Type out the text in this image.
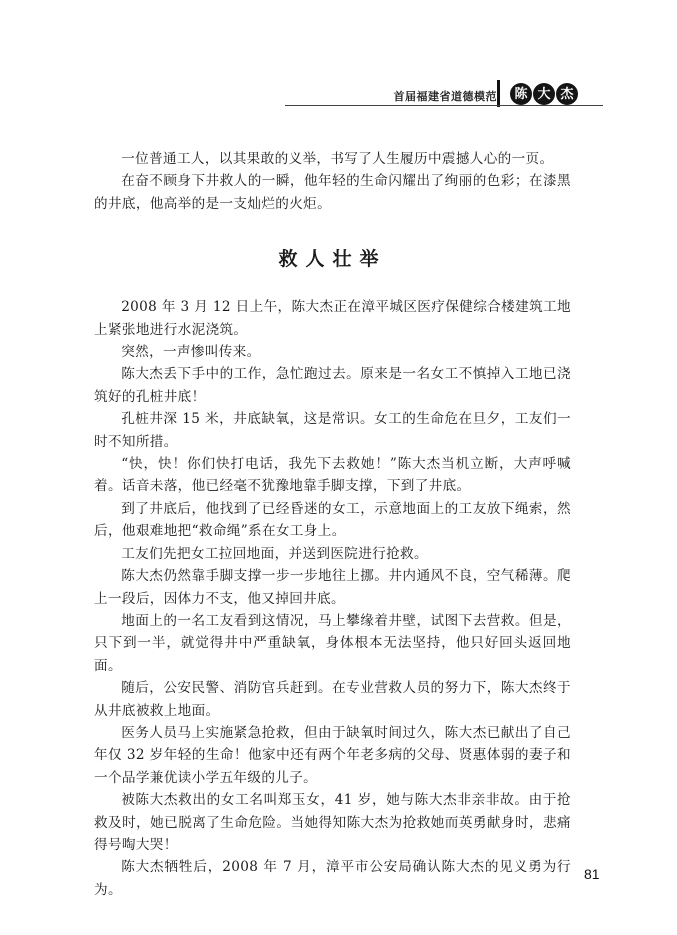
首届福建省道德模范	陈 大 杰

一位普通工人，以其果敢的义举，书写了人生履历中震撼人心的一页。

在奋不顾身下井救人的一瞬，他年轻的生命闪耀出了绚丽的色彩；在漆黑的井底，他高举的是一支灿烂的火炬。

救人壮举

2008 年 3 月 12 日上午，陈大杰正在漳平城区医疗保健综合楼建筑工地上紧张地进行水泥浇筑。

突然，一声惨叫传来。

陈大杰丢下手中的工作，急忙跑过去。原来是一名女工不慎掉入工地已浇筑好的孔桩井底！

孔桩井深 15 米，井底缺氧，这是常识。女工的生命危在旦夕，工友们一时不知所措。

“快，快！你们快打电话，我先下去救她！”陈大杰当机立断，大声呼喊着。话音未落，他已经毫不犹豫地靠手脚支撑，下到了井底。

到了井底后，他找到了已经昏迷的女工，示意地面上的工友放下绳索，然后，他艰难地把“救命绳”系在女工身上。

工友们先把女工拉回地面，并送到医院进行抢救。

陈大杰仍然靠手脚支撑一步一步地往上挪。井内通风不良，空气稀薄。爬上一段后，因体力不支，他又掉回井底。

地面上的一名工友看到这情况，马上攀缘着井壁，试图下去营救。但是，只下到一半，就觉得井中严重缺氧，身体根本无法坚持，他只好回头返回地面。

随后，公安民警、消防官兵赶到。在专业营救人员的努力下，陈大杰终于从井底被救上地面。

医务人员马上实施紧急抢救，但由于缺氧时间过久，陈大杰已献出了自己年仅 32 岁年轻的生命！他家中还有两个年老多病的父母、贤惠体弱的妻子和一个品学兼优读小学五年级的儿子。

被陈大杰救出的女工名叫郑玉女，41 岁，她与陈大杰非亲非故。由于抢救及时，她已脱离了生命危险。当她得知陈大杰为抢救她而英勇献身时，悲痛得号啕大哭！

陈大杰牺牲后，2008 年 7 月，漳平市公安局确认陈大杰的见义勇为行为。

81
